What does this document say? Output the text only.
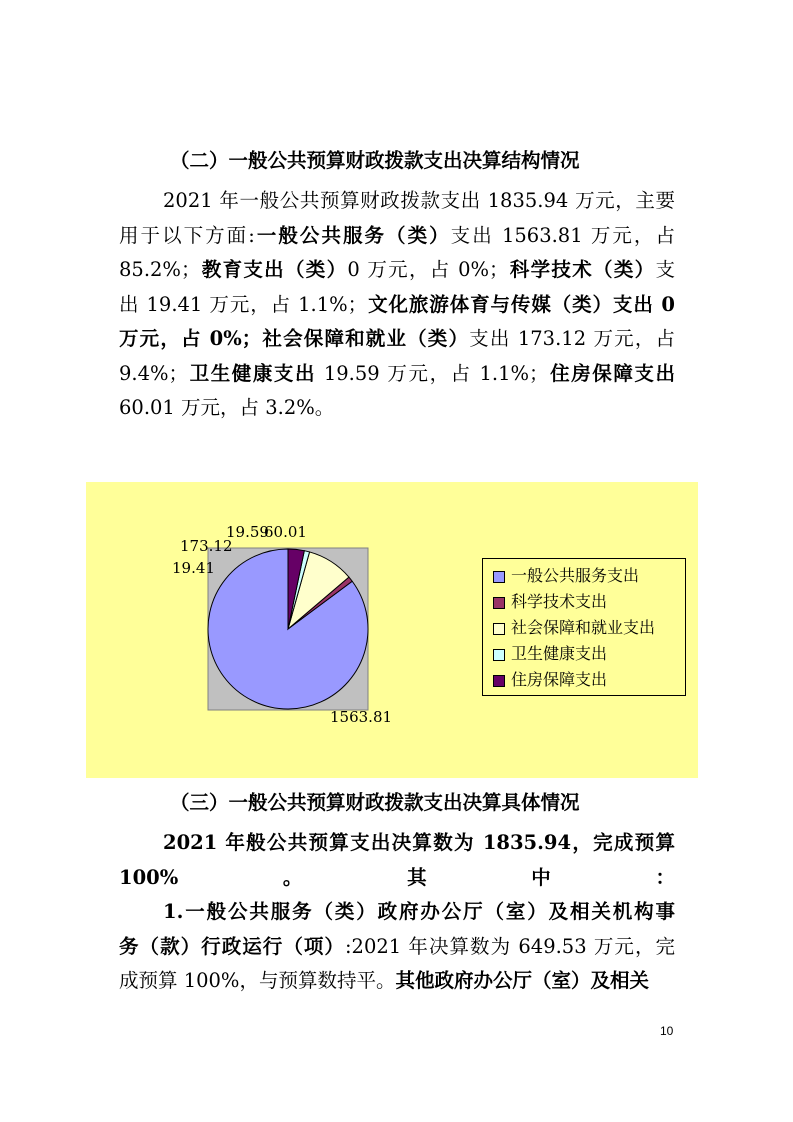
（二）一般公共预算财政拨款支出决算结构情况
2021 年一般公共预算财政拨款支出 1835.94 万元，主要
用于以下方面:一般公共服务（类）支出 1563.81 万元，占
85.2%；教育支出（类）0 万元，占 0%；科学技术（类）支
出 19.41 万元，占 1.1%；文化旅游体育与传媒（类）支出 0
万元，占 0%；社会保障和就业（类）支出 173.12 万元，占
9.4%；卫生健康支出 19.59 万元，占 1.1%；住房保障支出
60.01 万元，占 3.2%。
1563.81
19.41
173.12
19.59
60.01
一般公共服务支出
科学技术支出
社会保障和就业支出
卫生健康支出
住房保障支出
（三）一般公共预算财政拨款支出决算具体情况
2021 年般公共预算支出决算数为 1835.94，完成预算
100%。其中：
1.一般公共服务（类）政府办公厅（室）及相关机构事
务（款）行政运行（项）:2021 年决算数为 649.53 万元，完
成预算 100%，与预算数持平。其他政府办公厅（室）及相关
10
